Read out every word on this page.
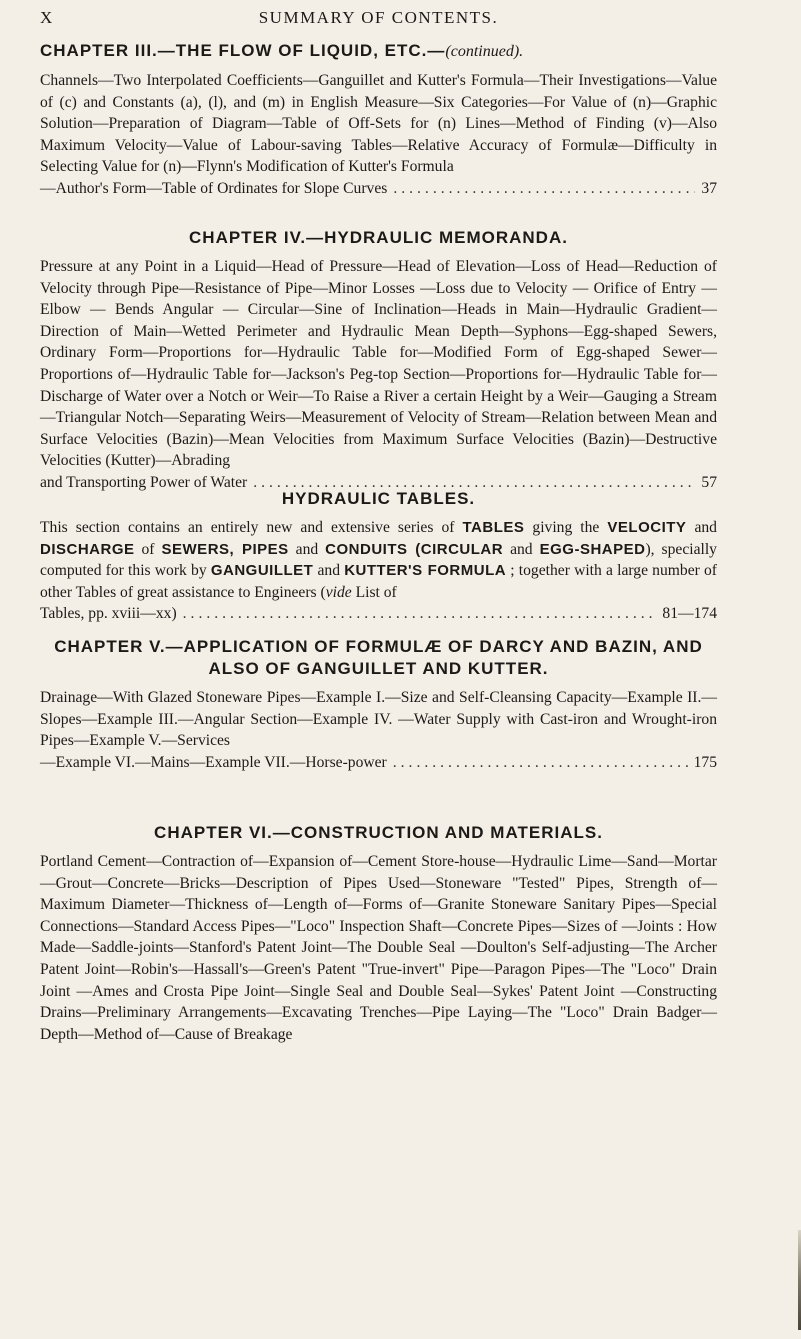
X	SUMMARY OF CONTENTS.
CHAPTER III.—THE FLOW OF LIQUID, ETC.—(continued).
Channels—Two Interpolated Coefficients—Ganguillet and Kutter's Formula—Their Investigations—Value of (c) and Constants (a), (l), and (m) in English Measure—Six Categories—For Value of (n)—Graphic Solution—Preparation of Diagram—Table of Off-Sets for (n) Lines—Method of Finding (v)—Also Maximum Velocity—Value of Labour-saving Tables—Relative Accuracy of Formulæ—Difficulty in Selecting Value for (n)—Flynn's Modification of Kutter's Formula
—Author's Form—Table of Ordinates for Slope Curves .....	37
CHAPTER IV.—HYDRAULIC MEMORANDA.
Pressure at any Point in a Liquid—Head of Pressure—Head of Elevation—Loss of Head—Reduction of Velocity through Pipe—Resistance of Pipe—Minor Losses —Loss due to Velocity — Orifice of Entry — Elbow — Bends Angular — Circular—Sine of Inclination—Heads in Main—Hydraulic Gradient—Direction of Main—Wetted Perimeter and Hydraulic Mean Depth—Syphons—Egg-shaped Sewers, Ordinary Form—Proportions for—Hydraulic Table for—Modified Form of Egg-shaped Sewer—Proportions of—Hydraulic Table for—Jackson's Peg-top Section—Proportions for—Hydraulic Table for—Discharge of Water over a Notch or Weir—To Raise a River a certain Height by a Weir—Gauging a Stream —Triangular Notch—Separating Weirs—Measurement of Velocity of Stream—Relation between Mean and Surface Velocities (Bazin)—Mean Velocities from Maximum Surface Velocities (Bazin)—Destructive Velocities (Kutter)—Abrading
and Transporting Power of Water .....	57
HYDRAULIC TABLES.
This section contains an entirely new and extensive series of TABLES giving the VELOCITY and DISCHARGE of SEWERS, PIPES and CONDUITS (CIRCULAR and EGG-SHAPED), specially computed for this work by GANGUILLET and KUTTER'S FORMULA ; together with a large number of other Tables of great assistance to Engineers (vide List of
Tables, pp. xviii—xx) .....	81—174
CHAPTER V.—APPLICATION OF FORMULÆ OF DARCY AND BAZIN, AND ALSO OF GANGUILLET AND KUTTER.
Drainage—With Glazed Stoneware Pipes—Example I.—Size and Self-Cleansing Capacity—Example II.—Slopes—Example III.—Angular Section—Example IV. —Water Supply with Cast-iron and Wrought-iron Pipes—Example V.—Services
—Example VI.—Mains—Example VII.—Horse-power .....	175
CHAPTER VI.—CONSTRUCTION AND MATERIALS.
Portland Cement—Contraction of—Expansion of—Cement Store-house—Hydraulic Lime—Sand—Mortar—Grout—Concrete—Bricks—Description of Pipes Used—Stoneware "Tested" Pipes, Strength of—Maximum Diameter—Thickness of—Length of—Forms of—Granite Stoneware Sanitary Pipes—Special Connections—Standard Access Pipes—"Loco" Inspection Shaft—Concrete Pipes—Sizes of —Joints : How Made—Saddle-joints—Stanford's Patent Joint—The Double Seal —Doulton's Self-adjusting—The Archer Patent Joint—Robin's—Hassall's—Green's Patent "True-invert" Pipe—Paragon Pipes—The "Loco" Drain Joint —Ames and Crosta Pipe Joint—Single Seal and Double Seal—Sykes' Patent Joint —Constructing Drains—Preliminary Arrangements—Excavating Trenches—Pipe Laying—The "Loco" Drain Badger—Depth—Method of—Cause of Breakage
